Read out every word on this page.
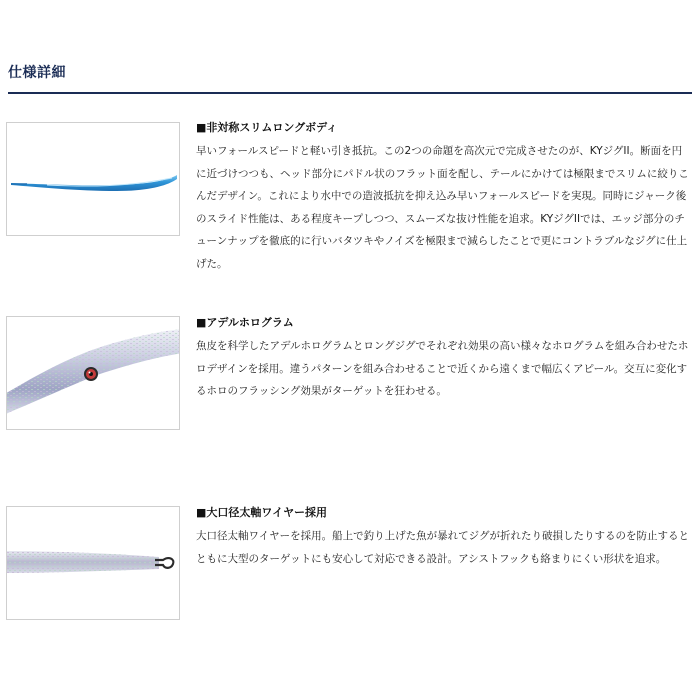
仕様詳細

■非対称スリムロングボディ

早いフォールスピードと軽い引き抵抗。この2つの命題を高次元で完成させたのが、KYジグII。断面を円に近づけつつも、ヘッド部分にパドル状のフラット面を配し、テールにかけては極限までスリムに絞りこんだデザイン。これにより水中での造波抵抗を抑え込み早いフォールスピードを実現。同時にジャーク後のスライド性能は、ある程度キープしつつ、スムーズな抜け性能を追求。KYジグIIでは、エッジ部分のチューンナップを徹底的に行いバタツキやノイズを極限まで減らしたことで更にコントラブルなジグに仕上げた。

■アデルホログラム

魚皮を科学したアデルホログラムとロングジグでそれぞれ効果の高い様々なホログラムを組み合わせたホロデザインを採用。違うパターンを組み合わせることで近くから遠くまで幅広くアピール。交互に変化するホロのフラッシング効果がターゲットを狂わせる。

■大口径太軸ワイヤー採用

大口径太軸ワイヤーを採用。船上で釣り上げた魚が暴れてジグが折れたり破損したりするのを防止するとともに大型のターゲットにも安心して対応できる設計。アシストフックも絡まりにくい形状を追求。
